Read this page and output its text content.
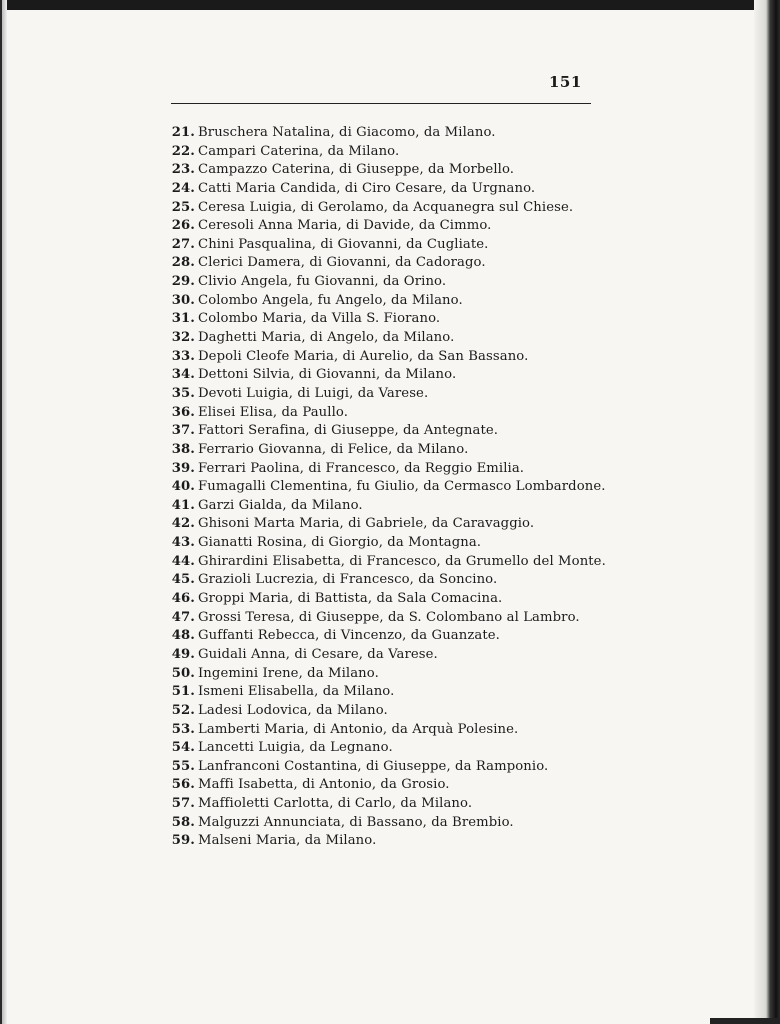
151
21. Bruschera Natalina, di Giacomo, da Milano.
22. Campari Caterina, da Milano.
23. Campazzo Caterina, di Giuseppe, da Morbello.
24. Catti Maria Candida, di Ciro Cesare, da Urgnano.
25. Ceresa Luigia, di Gerolamo, da Acquanegra sul Chiese.
26. Ceresoli Anna Maria, di Davide, da Cimmo.
27. Chini Pasqualina, di Giovanni, da Cugliate.
28. Clerici Damera, di Giovanni, da Cadorago.
29. Clivio Angela, fu Giovanni, da Orino.
30. Colombo Angela, fu Angelo, da Milano.
31. Colombo Maria, da Villa S. Fiorano.
32. Daghetti Maria, di Angelo, da Milano.
33. Depoli Cleofe Maria, di Aurelio, da San Bassano.
34. Dettoni Silvia, di Giovanni, da Milano.
35. Devoti Luigia, di Luigi, da Varese.
36. Elisei Elisa, da Paullo.
37. Fattori Serafina, di Giuseppe, da Antegnate.
38. Ferrario Giovanna, di Felice, da Milano.
39. Ferrari Paolina, di Francesco, da Reggio Emilia.
40. Fumagalli Clementina, fu Giulio, da Cermasco Lombardone.
41. Garzi Gialda, da Milano.
42. Ghisoni Marta Maria, di Gabriele, da Caravaggio.
43. Gianatti Rosina, di Giorgio, da Montagna.
44. Ghirardini Elisabetta, di Francesco, da Grumello del Monte.
45. Grazioli Lucrezia, di Francesco, da Soncino.
46. Groppi Maria, di Battista, da Sala Comacina.
47. Grossi Teresa, di Giuseppe, da S. Colombano al Lambro.
48. Guffanti Rebecca, di Vincenzo, da Guanzate.
49. Guidali Anna, di Cesare, da Varese.
50. Ingemini Irene, da Milano.
51. Ismeni Elisabella, da Milano.
52. Ladesi Lodovica, da Milano.
53. Lamberti Maria, di Antonio, da Arquà Polesine.
54. Lancetti Luigia, da Legnano.
55. Lanfranconi Costantina, di Giuseppe, da Ramponio.
56. Maffi Isabetta, di Antonio, da Grosio.
57. Maffioletti Carlotta, di Carlo, da Milano.
58. Malguzzi Annunciata, di Bassano, da Brembio.
59. Malseni Maria, da Milano.
